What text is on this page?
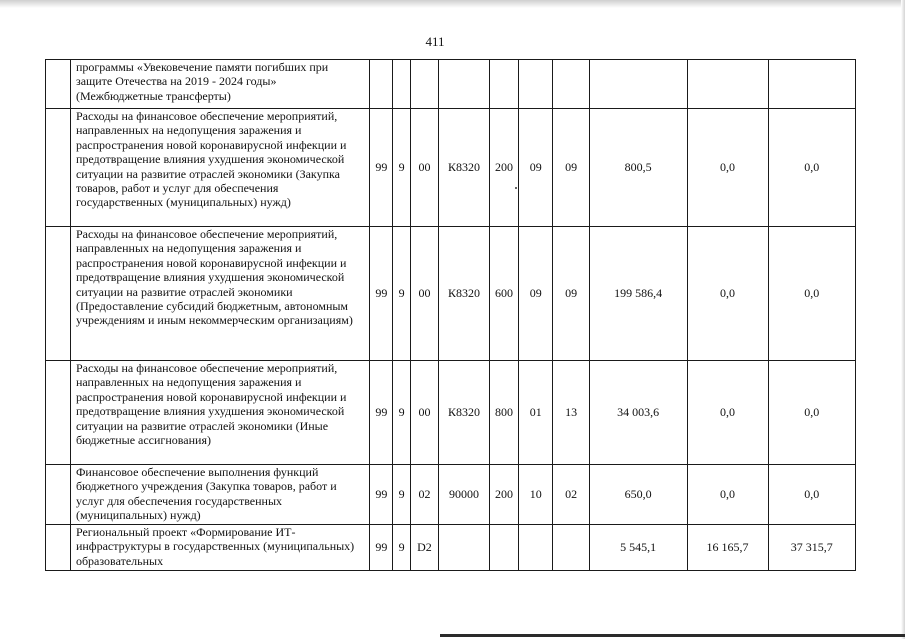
411
	программы «Увековечение памяти погибших при защите Отечества на 2019 - 2024 годы» (Межбюджетные трансферты)										
	Расходы на финансовое обеспечение мероприятий, направленных на недопущения заражения и распространения новой коронавирусной инфекции и предотвращение влияния ухудшения экономической ситуации на развитие отраслей экономики (Закупка товаров, работ и услуг для обеспечения государственных (муниципальных) нужд)	99	9	00	К8320	200	09	09	800,5	0,0	0,0
	Расходы на финансовое обеспечение мероприятий, направленных на недопущения заражения и распространения новой коронавирусной инфекции и предотвращение влияния ухудшения экономической ситуации на развитие отраслей экономики (Предоставление субсидий бюджетным, автономным учреждениям и иным некоммерческим организациям)	99	9	00	К8320	600	09	09	199 586,4	0,0	0,0
	Расходы на финансовое обеспечение мероприятий, направленных на недопущения заражения и распространения новой коронавирусной инфекции и предотвращение влияния ухудшения экономической ситуации на развитие отраслей экономики (Иные бюджетные ассигнования)	99	9	00	К8320	800	01	13	34 003,6	0,0	0,0
	Финансовое обеспечение выполнения функций бюджетного учреждения (Закупка товаров, работ и услуг для обеспечения государственных (муниципальных) нужд)	99	9	02	90000	200	10	02	650,0	0,0	0,0
	Региональный проект «Формирование ИТ-инфраструктуры в государственных (муниципальных) образовательных	99	9	D2					5 545,1	16 165,7	37 315,7
